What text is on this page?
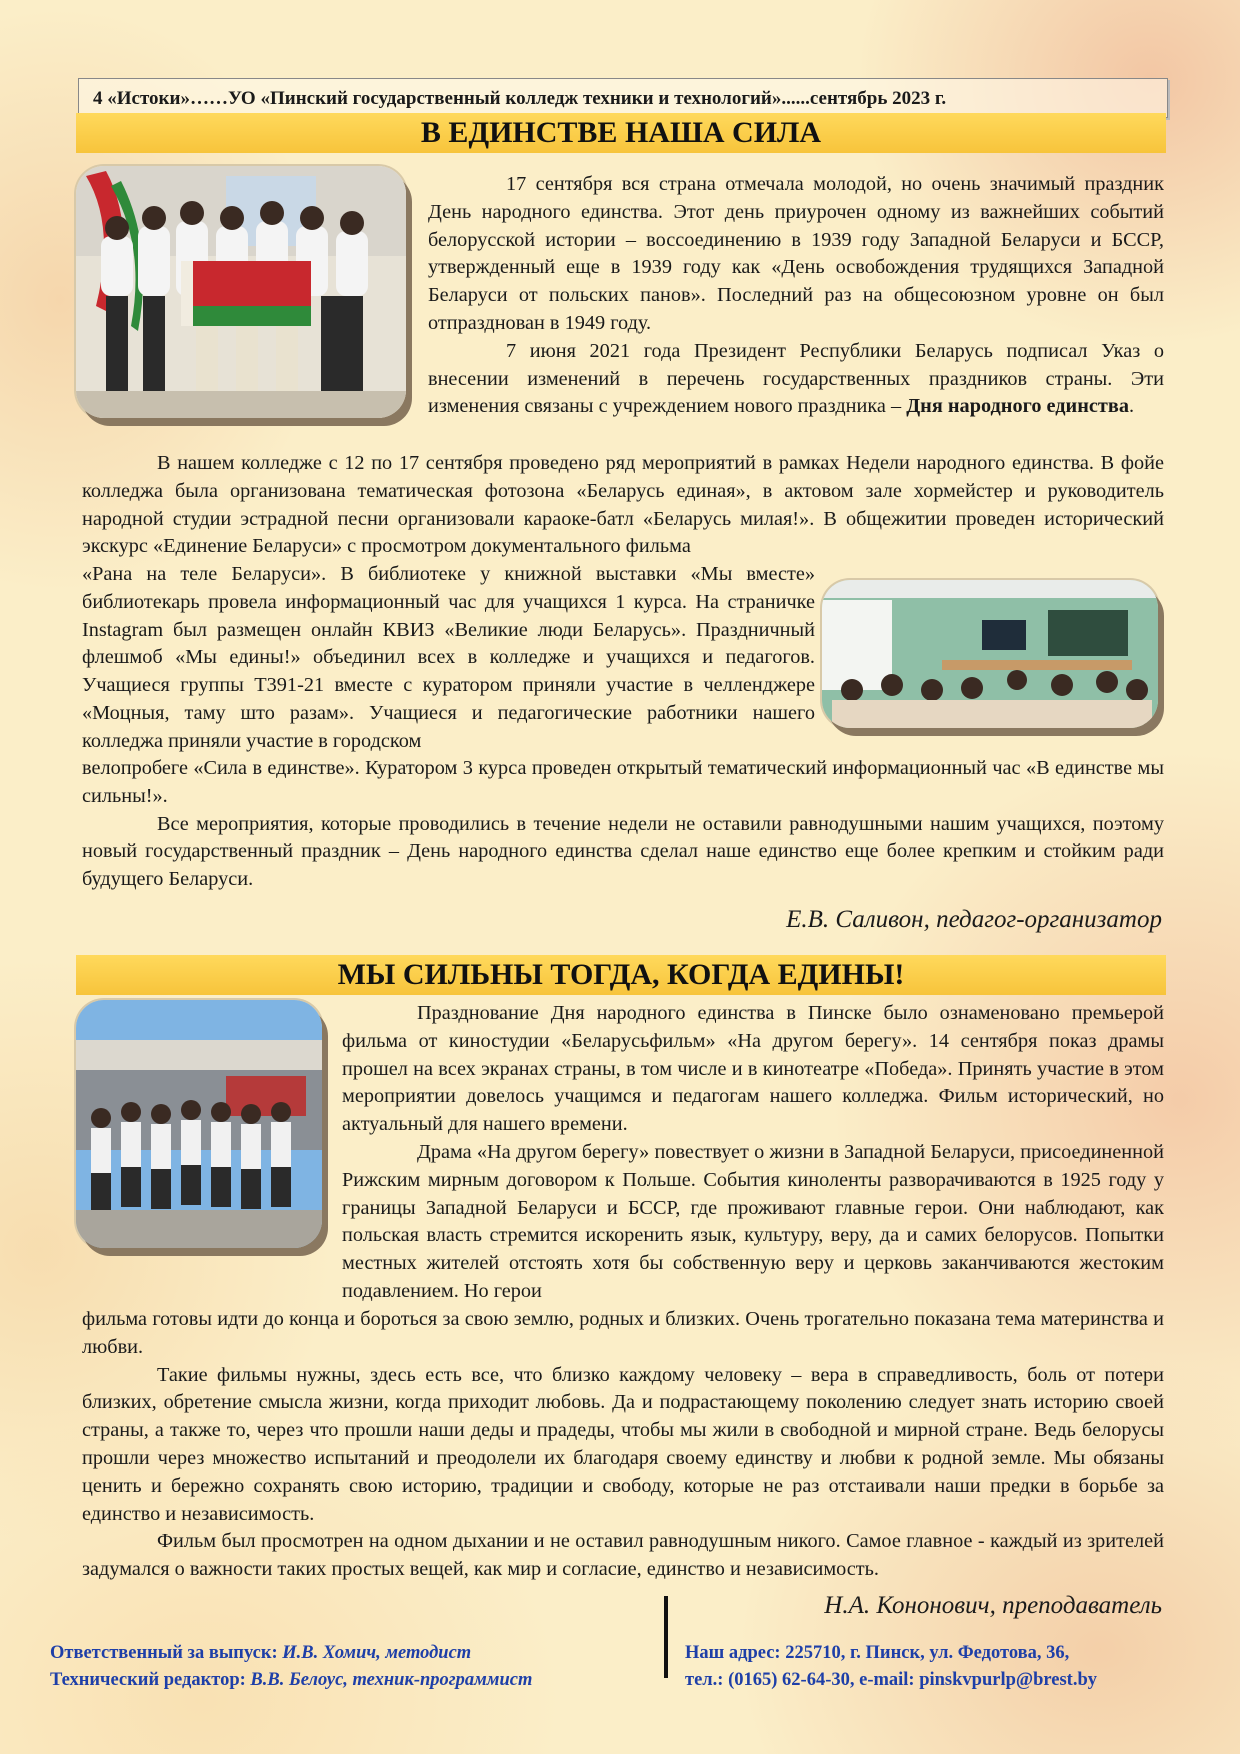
4 «Истоки»……УО «Пинский государственный колледж техники и технологий»......сентябрь 2023 г.
В ЕДИНСТВЕ НАША СИЛА

17 сентября вся страна отмечала молодой, но очень значимый праздник День народного единства. Этот день приурочен одному из важнейших событий белорусской истории – воссоединению в 1939 году Западной Беларуси и БССР, утвержденный еще в 1939 году как «День освобождения трудящихся Западной Беларуси от польских панов». Последний раз на общесоюзном уровне он был отпразднован в 1949 году.

7 июня 2021 года Президент Республики Беларусь подписал Указ о внесении изменений в перечень государственных праздников страны. Эти изменения связаны с учреждением нового праздника – Дня народного единства.

В нашем колледже с 12 по 17 сентября проведено ряд мероприятий в рамках Недели народного единства. В фойе колледжа была организована тематическая фотозона «Беларусь единая», в актовом зале хормейстер и руководитель народной студии эстрадной песни организовали караоке-батл «Беларусь милая!». В общежитии проведен исторический экскурс «Единение Беларуси» с просмотром документального фильма

«Рана на теле Беларуси». В библиотеке у книжной выставки «Мы вместе» библиотекарь провела информационный час для учащихся 1 курса. На страничке Instagram был размещен онлайн КВИЗ «Великие люди Беларусь». Праздничный флешмоб «Мы едины!» объединил всех в колледже и учащихся и педагогов. Учащиеся группы Т391-21 вместе с куратором приняли участие в челленджере «Моцныя, таму што разам». Учащиеся и педагогические работники нашего колледжа приняли участие в городском

велопробеге «Сила в единстве». Куратором 3 курса проведен открытый тематический информационный час «В единстве мы сильны!».

Все мероприятия, которые проводились в течение недели не оставили равнодушными нашим учащихся, поэтому новый государственный праздник – День народного единства сделал наше единство еще более крепким и стойким ради будущего Беларуси.

Е.В. Саливон, педагог-организатор
МЫ СИЛЬНЫ ТОГДА, КОГДА ЕДИНЫ!

Празднование Дня народного единства в Пинске было ознаменовано премьерой фильма от киностудии «Беларусьфильм» «На другом берегу». 14 сентября показ драмы прошел на всех экранах страны, в том числе и в кинотеатре «Победа». Принять участие в этом мероприятии довелось учащимся и педагогам нашего колледжа. Фильм исторический, но актуальный для нашего времени.

Драма «На другом берегу» повествует о жизни в Западной Беларуси, присоединенной Рижским мирным договором к Польше. События киноленты разворачиваются в 1925 году у границы Западной Беларуси и БССР, где проживают главные герои. Они наблюдают, как польская власть стремится искоренить язык, культуру, веру, да и самих белорусов. Попытки местных жителей отстоять хотя бы собственную веру и церковь заканчиваются жестоким подавлением. Но герои

фильма готовы идти до конца и бороться за свою землю, родных и близких. Очень трогательно показана тема материнства и любви.

Такие фильмы нужны, здесь есть все, что близко каждому человеку – вера в справедливость, боль от потери близких, обретение смысла жизни, когда приходит любовь. Да и подрастающему поколению следует знать историю своей страны, а также то, через что прошли наши деды и прадеды, чтобы мы жили в свободной и мирной стране. Ведь белорусы прошли через множество испытаний и преодолели их благодаря своему единству и любви к родной земле. Мы обязаны ценить и бережно сохранять свою историю, традиции и свободу, которые не раз отстаивали наши предки в борьбе за единство и независимость.

Фильм был просмотрен на одном дыхании и не оставил равнодушным никого. Самое главное - каждый из зрителей задумался о важности таких простых вещей, как мир и согласие, единство и независимость.

Н.А. Кононович, преподаватель
Ответственный за выпуск: И.В. Хомич, методист
Технический редактор: В.В. Белоус, техник-программист
Наш адрес: 225710, г. Пинск, ул. Федотова, 36,
тел.: (0165) 62-64-30, e-mail: pinskvpurlp@brest.by
